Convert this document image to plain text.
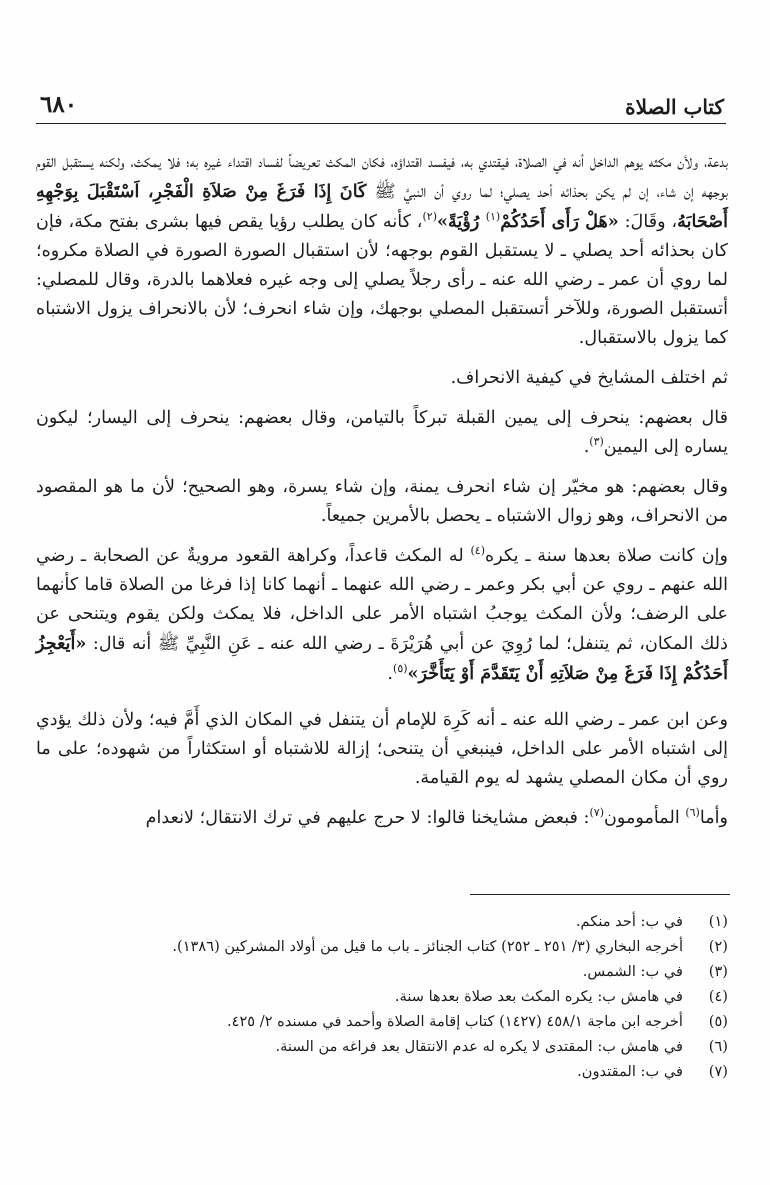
كتاب الصلاة
٦٨٠

بدعة، ولأن مكثه يوهم الداخل أنه في الصلاة، فيقتدي به، فيفسد اقتداؤه، فكان المكث تعريضاً لفساد اقتداء غيره به؛ فلا يمكث، ولكنه يستقبل القوم بوجهه إن شاء، إن لم يكن بحذائه أحد يصلي؛ لما روي أن النبيَّ ﷺ كَانَ إِذَا فَرَغَ مِنْ صَلاَةِ الْفَجْرِ، اَسْتَقْبَلَ بِوَجْهِهِ أَصْحَابَهُ، وقَالَ: «هَلْ رَأَى أَحَدُكُمْ$^{(١)}$ رُؤْيَةً»$^{(٢)}$، كأنه كان يطلب رؤيا يقص فيها بشرى بفتح مكة، فإن كان بحذائه أحد يصلي ـ لا يستقبل القوم بوجهه؛ لأن استقبال الصورة الصورة في الصلاة مكروه؛ لما روي أن عمر ـ رضي الله عنه ـ رأى رجلاً يصلي إلى وجه غيره فعلاهما بالدرة، وقال للمصلي: أتستقبل الصورة، وللآخر أتستقبل المصلي بوجهك، وإن شاء انحرف؛ لأن بالانحراف يزول الاشتباه كما يزول بالاستقبال.

ثم اختلف المشايخ في كيفية الانحراف.

قال بعضهم: ينحرف إلى يمين القبلة تبركاً بالتيامن، وقال بعضهم: ينحرف إلى اليسار؛ ليكون يساره إلى اليمين$^{(٣)}$.

وقال بعضهم: هو مخيّر إن شاء انحرف يمنة، وإن شاء يسرة، وهو الصحيح؛ لأن ما هو المقصود من الانحراف، وهو زوال الاشتباه ـ يحصل بالأمرين جميعاً.

وإن كانت صلاة بعدها سنة ـ يكره$^{(٤)}$ له المكث قاعداً، وكراهة القعود مرويةٌ عن الصحابة ـ رضي الله عنهم ـ روي عن أبي بكر وعمر ـ رضي الله عنهما ـ أنهما كانا إذا فرغا من الصلاة قاما كأنهما على الرضف؛ ولأن المكث يوجبُ اشتباه الأمر على الداخل، فلا يمكث ولكن يقوم ويتنحى عن ذلك المكان، ثم يتنفل؛ لما رُوِيَ عن أبي هُرَيْرَةَ ـ رضي الله عنه ـ عَنِ النَّبِيِّ ﷺ أنه قال: «أَيَعْجِزُ أَحَدُكُمْ إِذَا فَرَغَ مِنْ صَلاَتِهِ أَنْ يَتَقَدَّمَ أَوْ يَتَأَخَّرَ»$^{(٥)}$.

وعن ابن عمر ـ رضي الله عنه ـ أنه كَرِهَ للإمام أن يتنفل في المكان الذي أَمَّ فيه؛ ولأن ذلك يؤدي إلى اشتباه الأمر على الداخل، فينبغي أن يتنحى؛ إزالة للاشتباه أو استكثاراً من شهوده؛ على ما روي أن مكان المصلي يشهد له يوم القيامة.

وأما$^{(٦)}$ المأمومون$^{(٧)}$: فبعض مشايخنا قالوا: لا حرج عليهم في ترك الانتقال؛ لانعدام

(١)
في ب: أحد منكم.
(٢)
أخرجه البخاري (٣/ ٢٥١ ـ ٢٥٢) كتاب الجنائز ـ باب ما قيل من أولاد المشركين (١٣٨٦).
(٣)
في ب: الشمس.
(٤)
في هامش ب: يكره المكث بعد صلاة بعدها سنة.
(٥)
أخرجه ابن ماجة ٤٥٨/١ (١٤٢٧) كتاب إقامة الصلاة وأحمد في مسنده ٢/ ٤٢٥.
(٦)
في هامش ب: المقتدى لا يكره له عدم الانتقال بعد فراغه من السنة.
(٧)
في ب: المقتدون.
